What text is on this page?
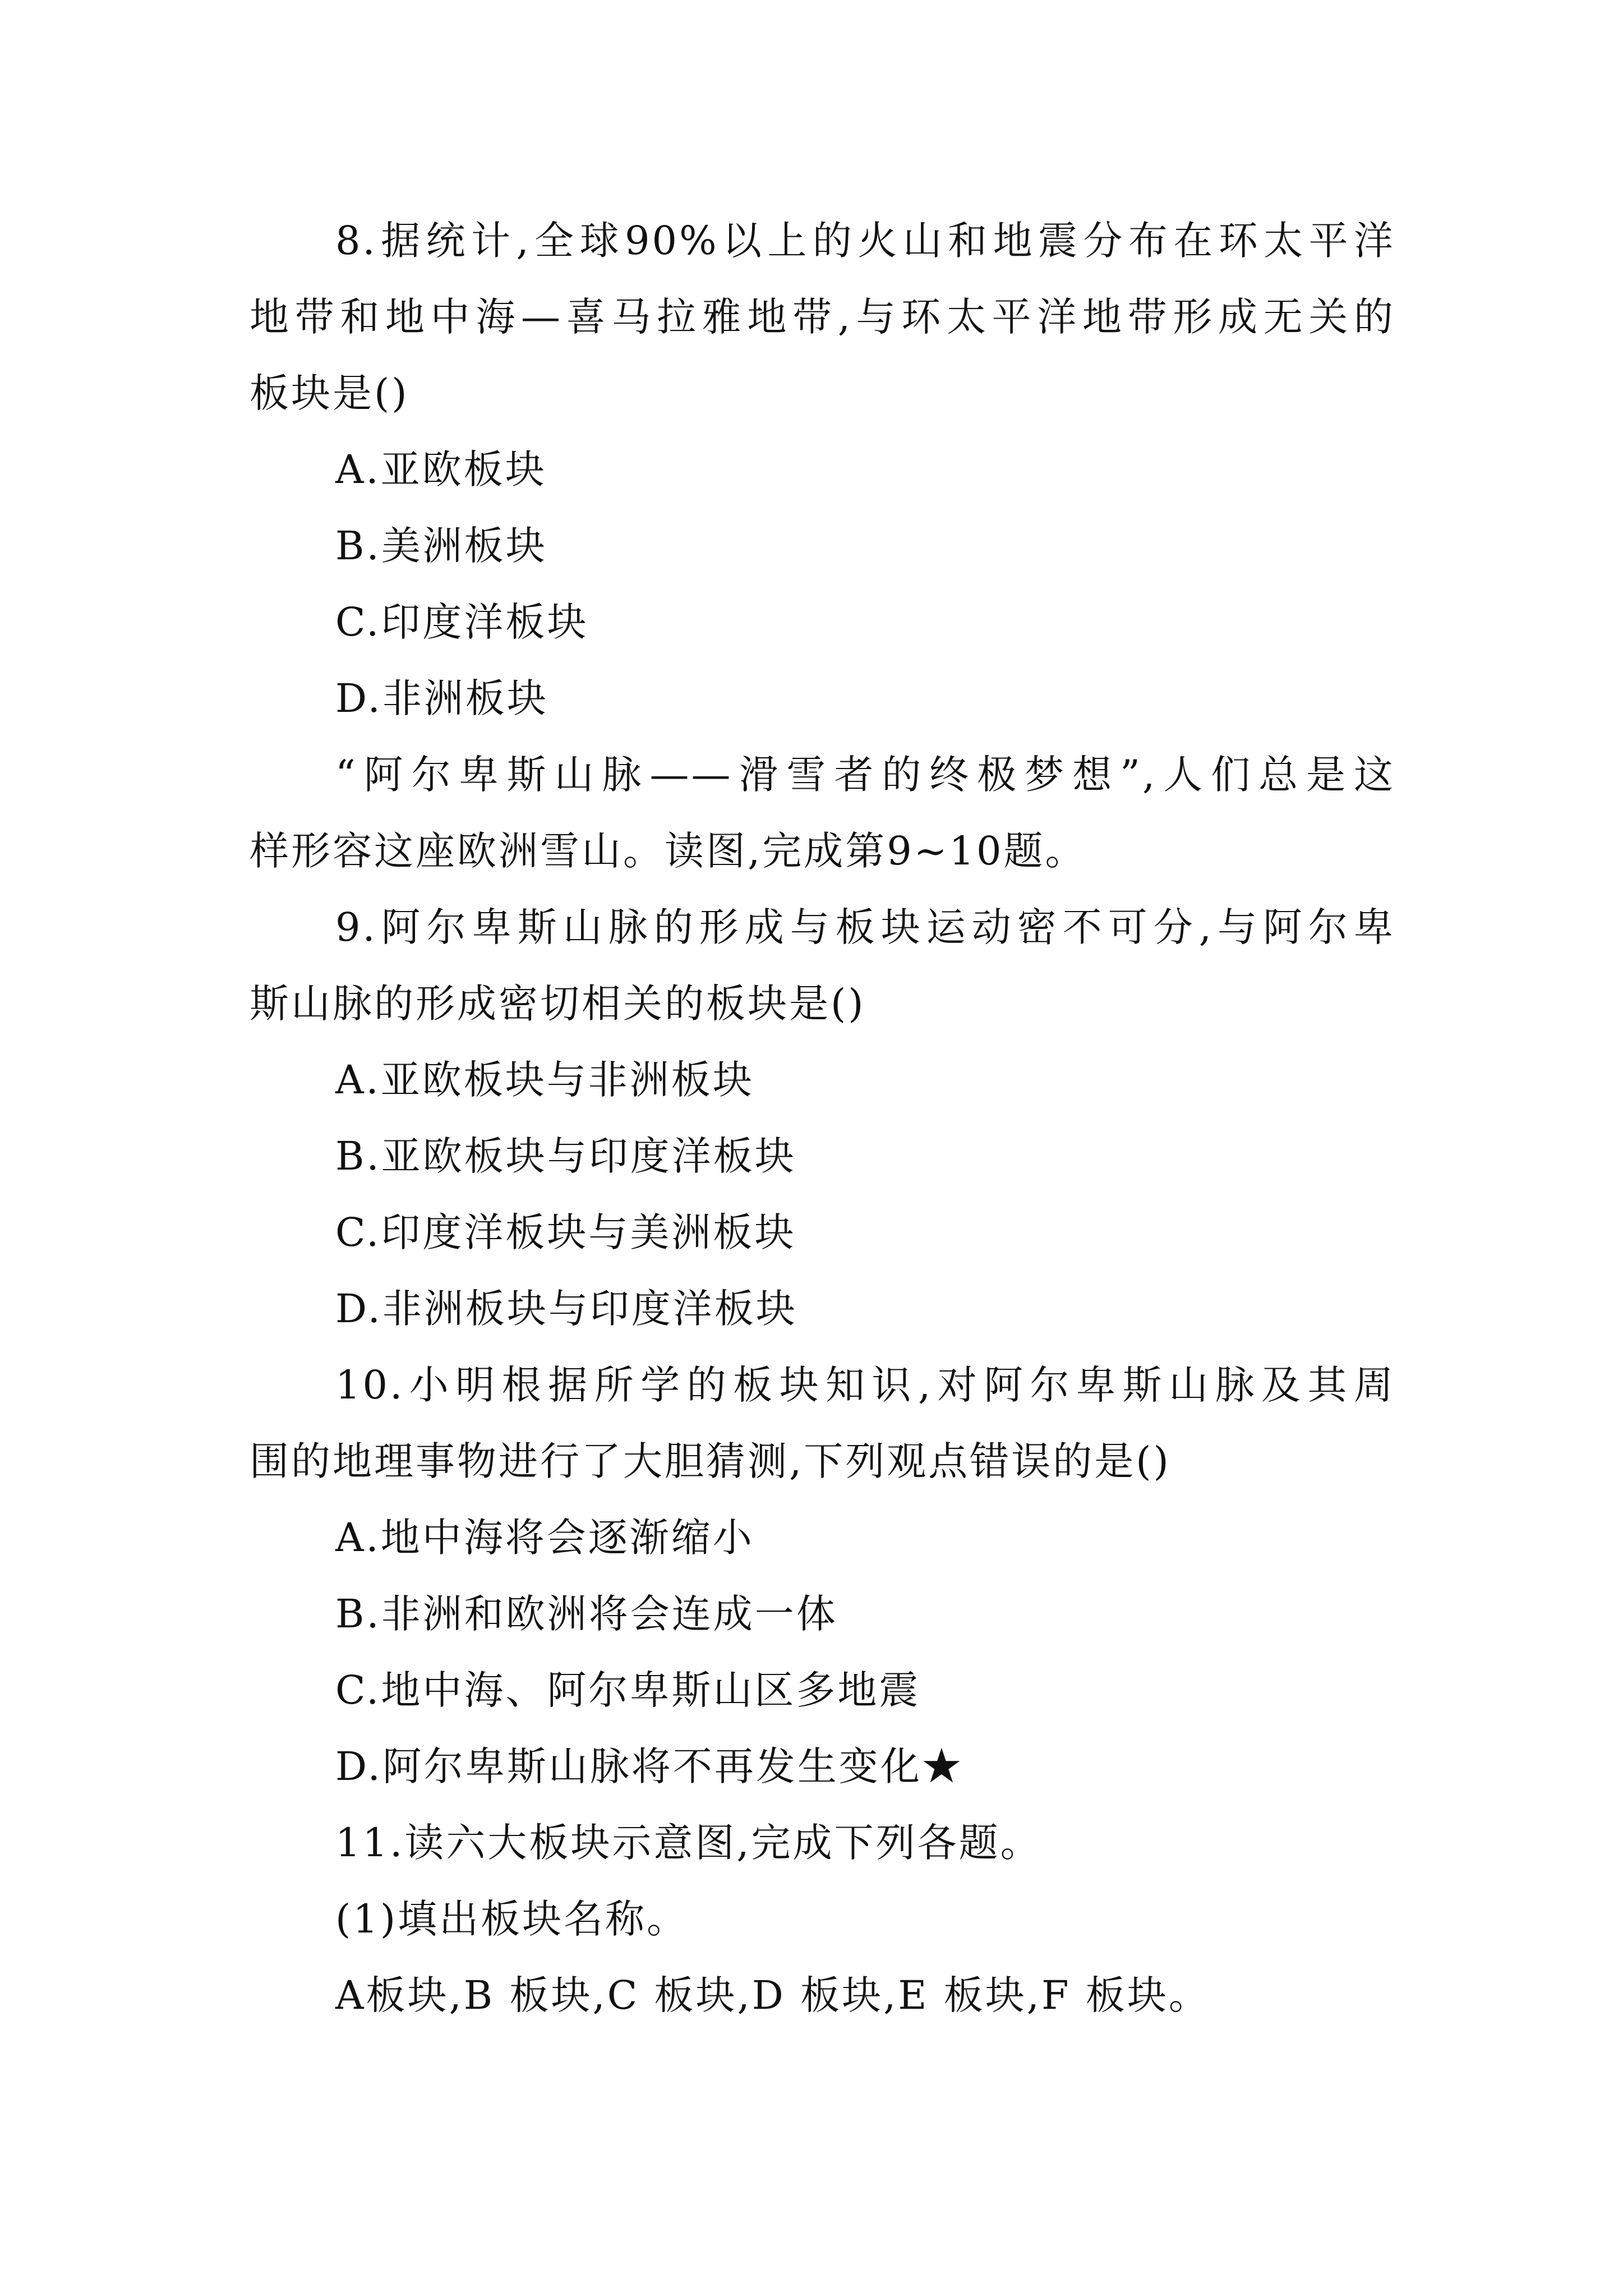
8.据统计,全球90%以上的火山和地震分布在环太平洋
地带和地中海—喜马拉雅地带,与环太平洋地带形成无关的
板块是()
A.亚欧板块
B.美洲板块
C.印度洋板块
D.非洲板块
“阿尔卑斯山脉——滑雪者的终极梦想”,人们总是这
样形容这座欧洲雪山。读图,完成第9~10题。
9.阿尔卑斯山脉的形成与板块运动密不可分,与阿尔卑
斯山脉的形成密切相关的板块是()
A.亚欧板块与非洲板块
B.亚欧板块与印度洋板块
C.印度洋板块与美洲板块
D.非洲板块与印度洋板块
10.小明根据所学的板块知识,对阿尔卑斯山脉及其周
围的地理事物进行了大胆猜测,下列观点错误的是()
A.地中海将会逐渐缩小
B.非洲和欧洲将会连成一体
C.地中海、阿尔卑斯山区多地震
D.阿尔卑斯山脉将不再发生变化★
11.读六大板块示意图,完成下列各题。
(1)填出板块名称。
A板块,B 板块,C 板块,D 板块,E 板块,F 板块。
